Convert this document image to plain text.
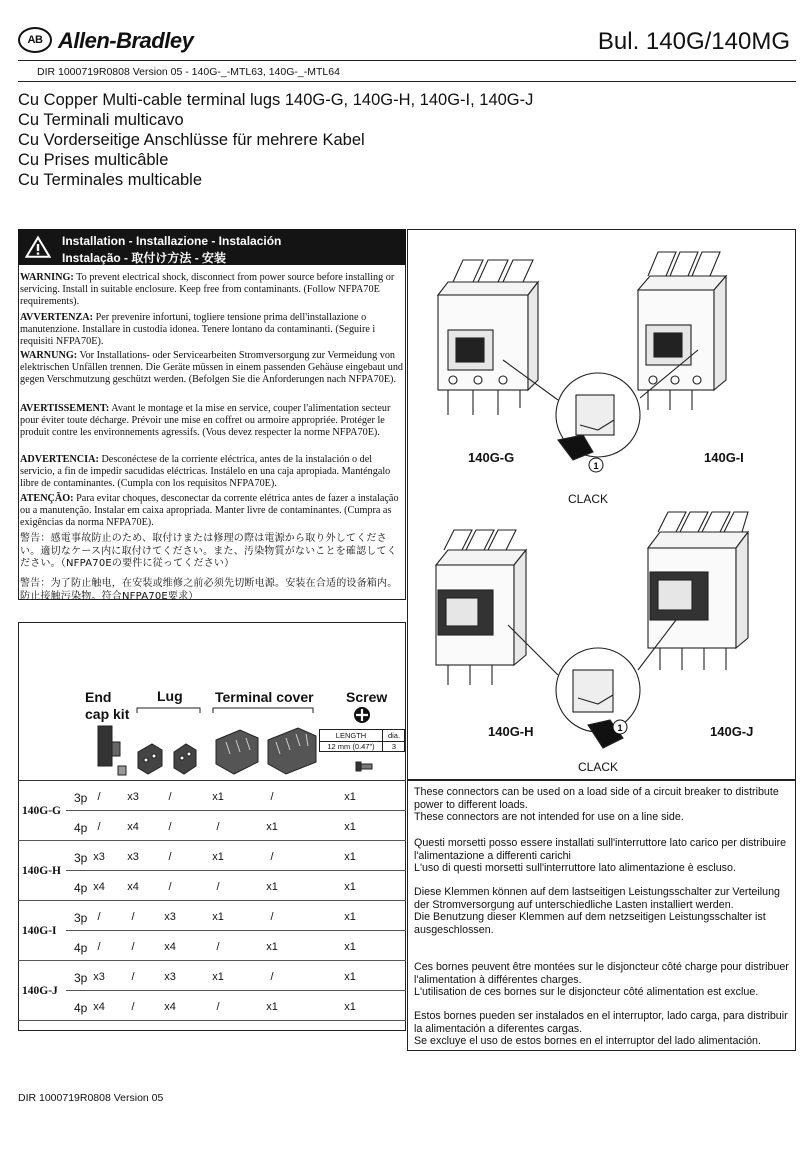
AB Allen-Bradley	Bul. 140G/140MG
DIR 1000719R0808 Version 05 - 140G-_-MTL63, 140G-_-MTL64
Cu Copper Multi-cable terminal lugs 140G-G, 140G-H, 140G-I, 140G-J
Cu Terminali multicavo
Cu Vorderseitige Anschlüsse für mehrere Kabel
Cu Prises multicâble
Cu Terminales multicable
Installation - Installazione - Instalación
Instalação - 取付け方法 - 安装
WARNING: To prevent electrical shock, disconnect from power source before installing or servicing. Install in suitable enclosure. Keep free from contaminants. (Follow NFPA70E requirements).
AVVERTENZA: Per prevenire infortuni, togliere tensione prima dell'installazione o manutenzione. Installare in custodia idonea. Tenere lontano da contaminanti. (Seguire i requisiti NFPA70E).
WARNUNG: Vor Installations- oder Servicearbeiten Stromversorgung zur Vermeidung von elektrischen Unfällen trennen. Die Geräte müssen in einem passenden Gehäuse eingebaut und gegen Verschmutzung geschützt werden. (Befolgen Sie die Anforderungen nach NFPA70E).
AVERTISSEMENT: Avant le montage et la mise en service, couper l'alimentation secteur pour éviter toute décharge. Prévoir une mise en coffret ou armoire appropriée. Protéger le produit contre les environnements agressifs. (Vous devez respecter la norme NFPA70E).
ADVERTENCIA: Desconéctese de la corriente eléctrica, antes de la instalación o del servicio, a fin de impedir sacudidas eléctricas. Instálelo en una caja apropiada. Manténgalo libre de contaminantes. (Cumpla con los requisitos NFPA70E).
ATENÇÃO: Para evitar choques, desconectar da corrente elétrica antes de fazer a instalação ou a manutenção. Instalar em caixa apropriada. Manter livre de contaminantes. (Cumpra as exigências da norma NFPA70E).
警告：感電事故防止のため、取付けまたは修理の際は電源から取り外してください。適切なケース内に取付けてください。また、汚染物質がないことを確認してください。（NFPA70Eの要件に従ってください）
警告：为了防止触电，在安装或维修之前必须先切断电源。安装在合适的设备箱内。防止接触污染物。符合NFPA70E要求）
1
1
140G-G	140G-I
CLACK
140G-H	140G-J
CLACK
End cap kit
Lug Terminal cover Screw
LENGTH	dia.
12 mm (0.47")	3
140G-G
3p /	x3	/	x1	/	x1
4p /	x4	/	/	x1	x1
140G-H
3p x3	x3	/	x1	/	x1
4p x4	x4	/	/	x1	x1
140G-I
3p /	/	x3	x1	/	x1
4p /	/	x4	/	x1	x1
140G-J
3p x3	/	x3	x1	/	x1
4p x4	/	x4	/	x1	x1
These connectors can be used on a load side of a circuit breaker to distribute power to different loads.
These connectors are not intended for use on a line side.
Questi morsetti posso essere installati sull'interruttore lato carico per distribuire l'alimentazione a differenti carichi
L'uso di questi morsetti sull'interruttore lato alimentazione è escluso.
Diese Klemmen können auf dem lastseitigen Leistungsschalter zur Verteilung der Stromversorgung auf unterschiedliche Lasten installiert werden.
Die Benutzung dieser Klemmen auf dem netzseitigen Leistungsschalter ist ausgeschlossen.
Ces bornes peuvent être montées sur le disjoncteur côté charge pour distribuer l'alimentation à différentes charges.
L'utilisation de ces bornes sur le disjoncteur côté alimentation est exclue.
Estos bornes pueden ser instalados en el interruptor, lado carga, para distribuir la alimentación a diferentes cargas.
Se excluye el uso de estos bornes en el interruptor del lado alimentación.
DIR 1000719R0808 Version 05
